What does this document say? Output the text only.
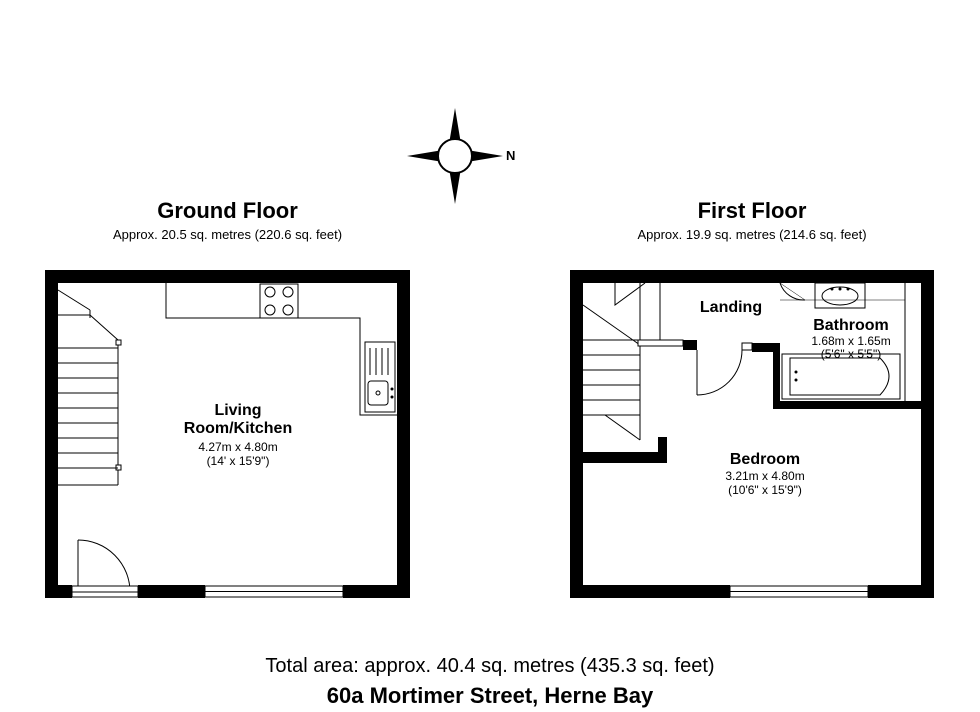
N
Ground Floor
Approx. 20.5 sq. metres (220.6 sq. feet)
First Floor
Approx. 19.9 sq. metres (214.6 sq. feet)
Living
Room/Kitchen
4.27m x 4.80m
(14' x 15'9")
Landing
Bathroom
1.68m x 1.65m
(5'6" x 5'5")
Bedroom
3.21m x 4.80m
(10'6" x 15'9")
Total area: approx. 40.4 sq. metres (435.3 sq. feet)
60a Mortimer Street, Herne Bay
